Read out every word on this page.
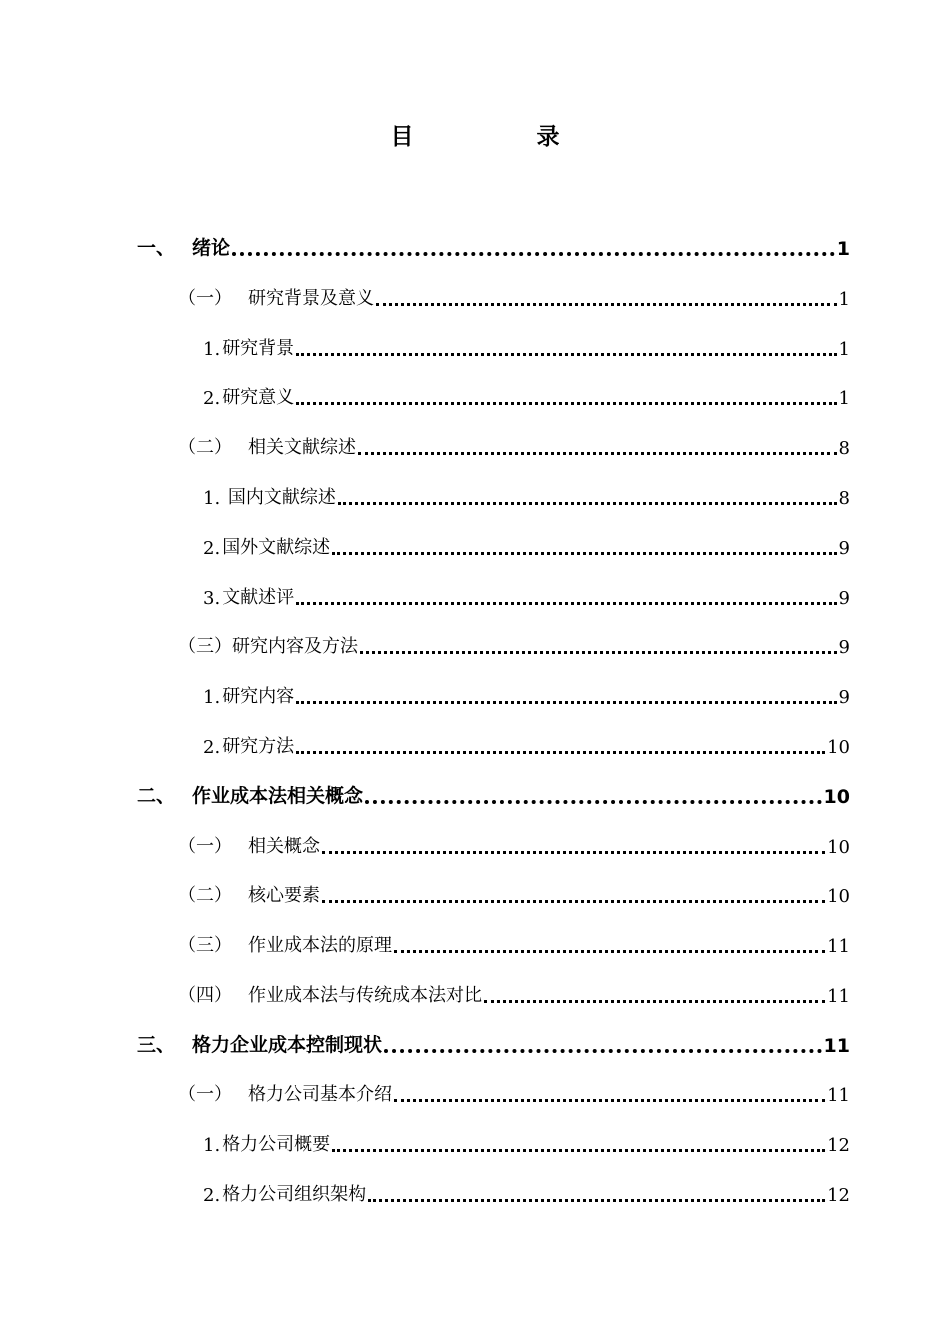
目　录
一、 绪论	1
（一） 研究背景及意义	1
1. 研究背景	1
2. 研究意义	1
（二） 相关文献综述	8
1. 国内文献综述	8
2. 国外文献综述	9
3. 文献述评	9
（三） 研究内容及方法	9
1. 研究内容	9
2. 研究方法	10
二、 作业成本法相关概念	10
（一） 相关概念	10
（二） 核心要素	10
（三） 作业成本法的原理	11
（四） 作业成本法与传统成本法对比	11
三、 格力企业成本控制现状	11
（一） 格力公司基本介绍	11
1. 格力公司概要	12
2. 格力公司组织架构	12
